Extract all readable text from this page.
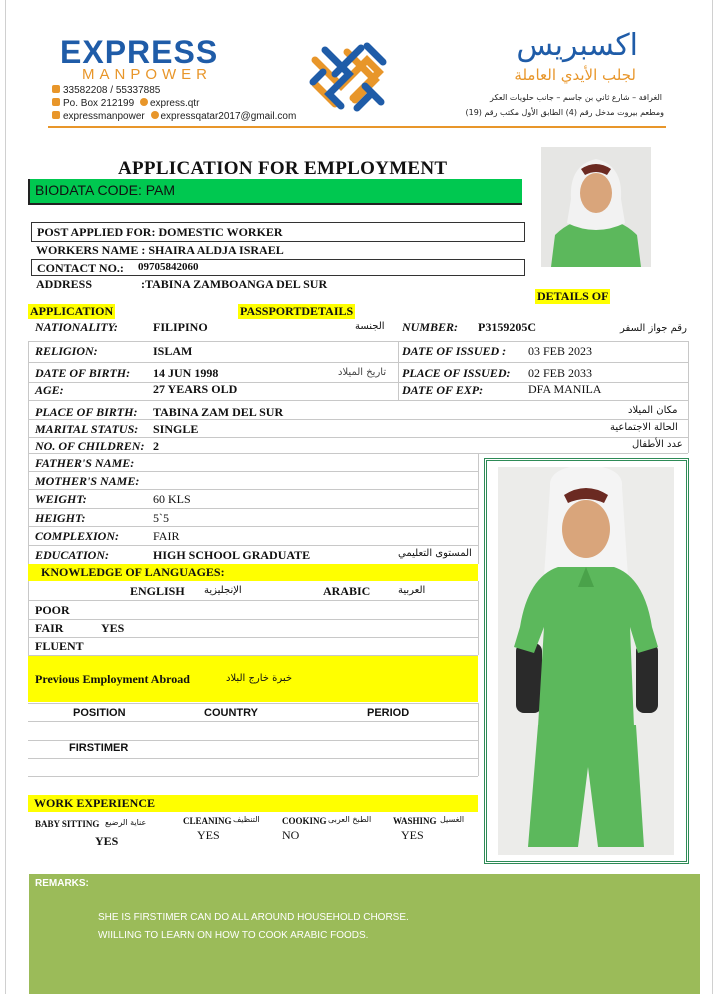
EXPRESS
MANPOWER
33582208 / 55337885
Po. Box 212199 express.qtr
expressmanpower expressqatar2017@gmail.com
اكسبريس
لجلب الأيدي العاملة
الغرافة – شارع ثاني بن جاسم – جانب حلويات العكر
ومطعم بيروت مدخل رقم (4) الطابق الأول مكتب رقم (19)
APPLICATION FOR EMPLOYMENT
BIODATA CODE: PAM
POST APPLIED FOR: DOMESTIC WORKER
WORKERS NAME : SHAIRA ALDJA ISRAEL
CONTACT NO.: 09705842060
ADDRESS	:TABINA ZAMBOANGA DEL SUR
DETAILS OF
APPLICATION	PASSPORTDETAILS
NATIONALITY:	FILIPINO	الجنسة NUMBER: P3159205C	رقم جواز السفر
RELIGION:	ISLAM	DATE OF ISSUED : 03 FEB 2023
DATE OF BIRTH: 14 JUN 1998	تاريخ الميلاد PLACE OF ISSUED: 02 FEB 2033
AGE:	27 YEARS OLD	DATE OF EXP:	DFA MANILA
PLACE OF BIRTH: TABINA ZAM DEL SUR	مكان الميلاد
MARITAL STATUS: SINGLE	الحالة الاجتماعية
NO. OF CHILDREN: 2	عدد الأطفال
FATHER'S NAME:
MOTHER'S NAME:
WEIGHT:	60 KLS
HEIGHT:	5`5
COMPLEXION:	FAIR
EDUCATION:	HIGH SCHOOL GRADUATE	المستوى التعليمي
KNOWLEDGE OF LANGUAGES:
ENGLISH الإنجليزية	ARABIC	العربية
POOR
FAIR	YES
FLUENT
Previous Employment Abroad	خبرة خارج البلاد
POSITION	COUNTRY	PERIOD
FIRSTIMER
WORK EXPERIENCE
BABY SITTING عناية الرضيع
YES
CLEANING التنظيف
YES
COOKING الطبخ العربى
NO
WASHING الغسيل
YES
REMARKS:
SHE IS FIRSTIMER CAN DO ALL AROUND HOUSEHOLD CHORSE.
WIILLING TO LEARN ON HOW TO COOK ARABIC FOODS.
